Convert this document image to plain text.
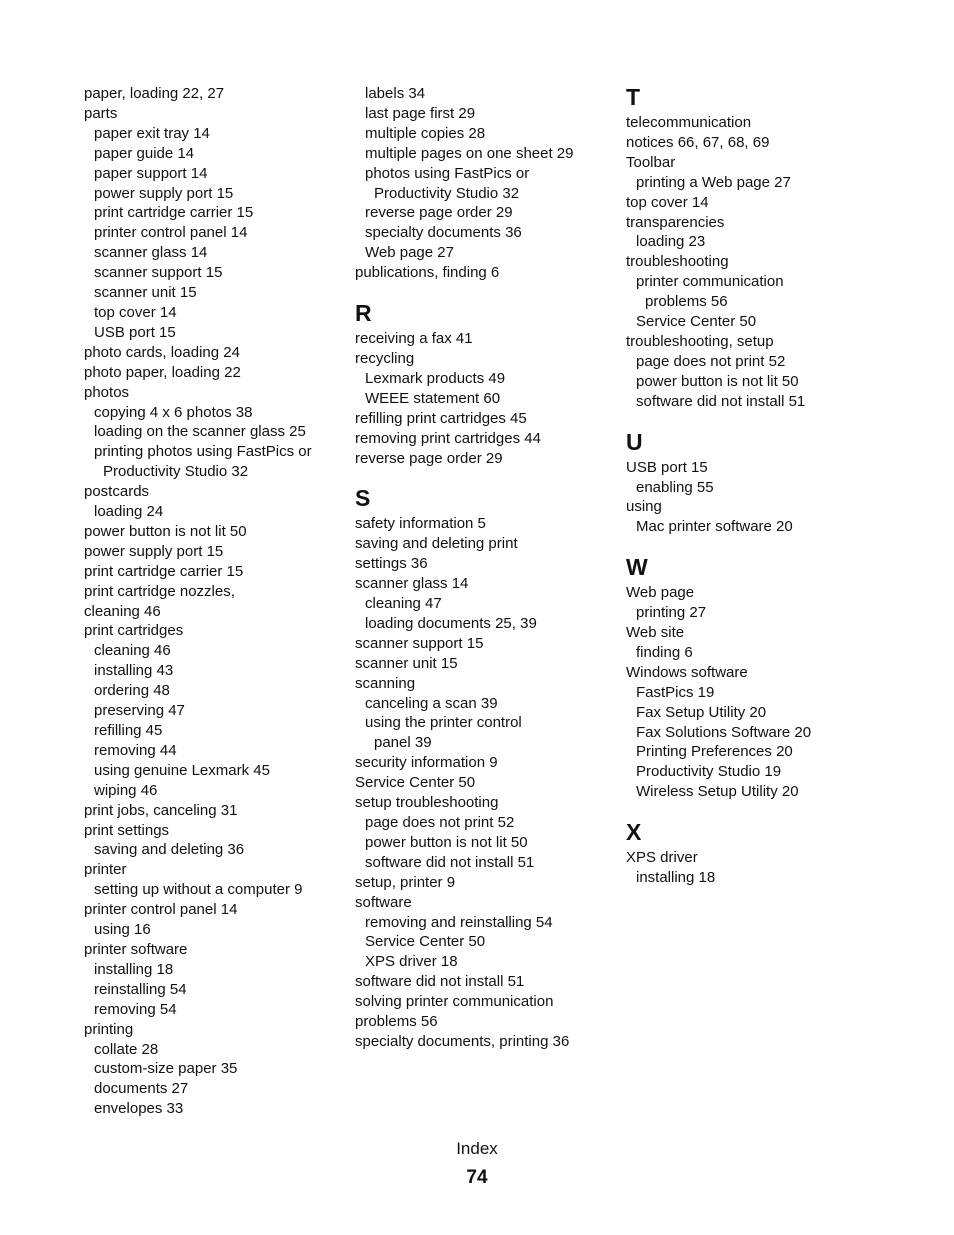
paper, loading 22, 27
parts
paper exit tray 14
paper guide 14
paper support 14
power supply port 15
print cartridge carrier 15
printer control panel 14
scanner glass 14
scanner support 15
scanner unit 15
top cover 14
USB port 15
photo cards, loading 24
photo paper, loading 22
photos
copying 4 x 6 photos 38
loading on the scanner glass 25
printing photos using FastPics or
Productivity Studio 32
postcards
loading 24
power button is not lit 50
power supply port 15
print cartridge carrier 15
print cartridge nozzles,
cleaning 46
print cartridges
cleaning 46
installing 43
ordering 48
preserving 47
refilling 45
removing 44
using genuine Lexmark 45
wiping 46
print jobs, canceling 31
print settings
saving and deleting 36
printer
setting up without a computer 9
printer control panel 14
using 16
printer software
installing 18
reinstalling 54
removing 54
printing
collate 28
custom-size paper 35
documents 27
envelopes 33
labels 34
last page first 29
multiple copies 28
multiple pages on one sheet 29
photos using FastPics or
Productivity Studio 32
reverse page order 29
specialty documents 36
Web page 27
publications, finding 6
R
receiving a fax 41
recycling
Lexmark products 49
WEEE statement 60
refilling print cartridges 45
removing print cartridges 44
reverse page order 29
S
safety information 5
saving and deleting print
settings 36
scanner glass 14
cleaning 47
loading documents 25, 39
scanner support 15
scanner unit 15
scanning
canceling a scan 39
using the printer control
panel 39
security information 9
Service Center 50
setup troubleshooting
page does not print 52
power button is not lit 50
software did not install 51
setup, printer 9
software
removing and reinstalling 54
Service Center 50
XPS driver 18
software did not install 51
solving printer communication
problems 56
specialty documents, printing 36
T
telecommunication
notices 66, 67, 68, 69
Toolbar
printing a Web page 27
top cover 14
transparencies
loading 23
troubleshooting
printer communication
problems 56
Service Center 50
troubleshooting, setup
page does not print 52
power button is not lit 50
software did not install 51
U
USB port 15
enabling 55
using
Mac printer software 20
W
Web page
printing 27
Web site
finding 6
Windows software
FastPics 19
Fax Setup Utility 20
Fax Solutions Software 20
Printing Preferences 20
Productivity Studio 19
Wireless Setup Utility 20
X
XPS driver
installing 18
Index
74
